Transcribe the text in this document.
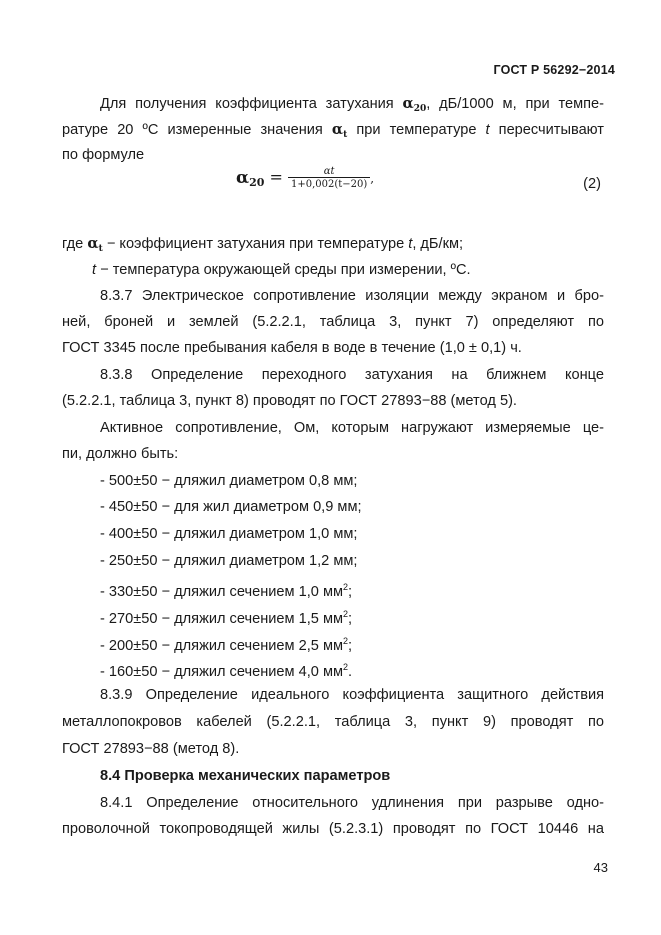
ГОСТ Р 56292−2014
Для получения коэффициента затухания $\alpha_{20}$, дБ/1000 м, при темпе-
ратуре 20 ºС измеренные значения $\alpha_t$ при температуре t пересчитывают
по формуле
$\alpha_{20} = \frac{\alpha t}{1+0,002(t-20)}$ ,	(2)
где $\alpha_t$ − коэффициент затухания при температуре t, дБ/км;
t − температура окружающей среды при измерении, ºС.
8.3.7 Электрическое сопротивление изоляции между экраном и бро-
ней, броней и землей (5.2.2.1, таблица 3, пункт 7) определяют по
ГОСТ 3345 после пребывания кабеля в воде в течение (1,0 ± 0,1) ч.
8.3.8 Определение переходного затухания на ближнем конце
(5.2.2.1, таблица 3, пункт 8) проводят по ГОСТ 27893−88 (метод 5).
Активное сопротивление, Ом, которым нагружают измеряемые це-
пи, должно быть:
- 500±50 − дляжил диаметром 0,8 мм;
- 450±50 − для жил диаметром 0,9 мм;
- 400±50 − дляжил диаметром 1,0 мм;
- 250±50 − дляжил диаметром 1,2 мм;
- 330±50 − дляжил сечением 1,0 $мм^2$;
- 270±50 − дляжил сечением 1,5 $мм^2$;
- 200±50 − дляжил сечением 2,5 $мм^2$;
- 160±50 − дляжил сечением 4,0 $мм^2$.
8.3.9 Определение идеального коэффициента защитного действия
металлопокровов кабелей (5.2.2.1, таблица 3, пункт 9) проводят по
ГОСТ 27893−88 (метод 8).
8.4 Проверка механических параметров
8.4.1 Определение относительного удлинения при разрыве одно-
проволочной токопроводящей жилы (5.2.3.1) проводят по ГОСТ 10446 на
43
